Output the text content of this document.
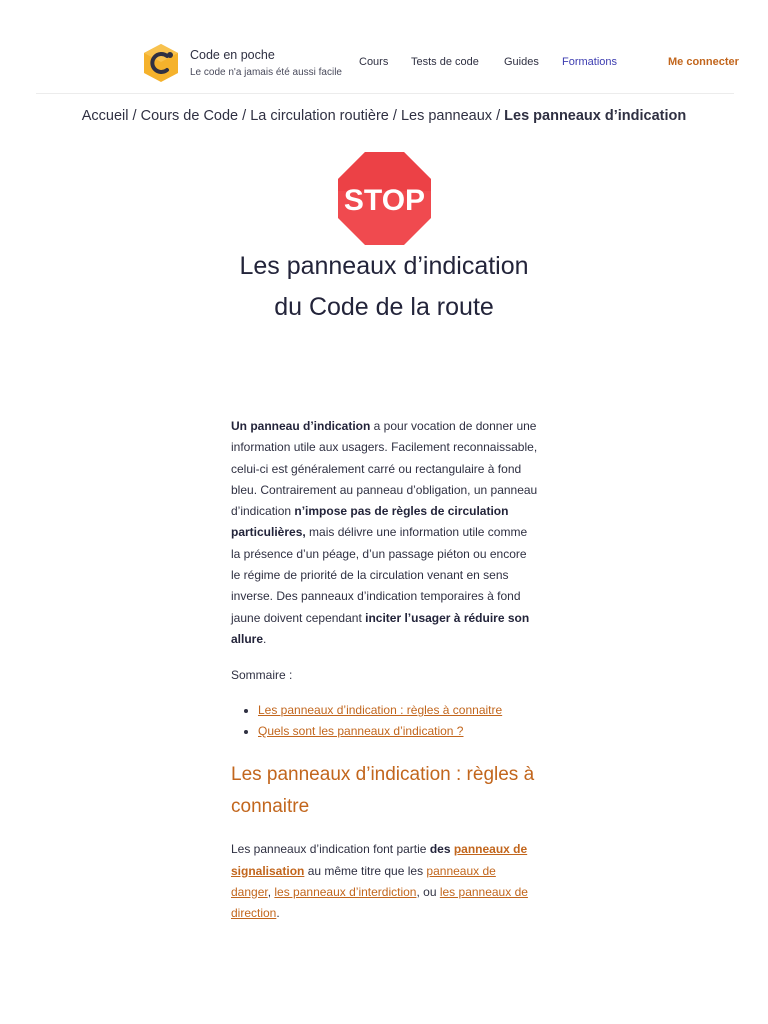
Code en poche
Le code n'a jamais été aussi facile
Cours Tests de code Guides Formations	Me connecter
Accueil / Cours de Code / La circulation routière / Les panneaux / Les panneaux d’indication
STOP
Les panneaux d’indication du Code de la route

Un panneau d’indication a pour vocation de donner une information utile aux usagers. Facilement reconnaissable, celui-ci est généralement carré ou rectangulaire à fond bleu. Contrairement au panneau d’obligation, un panneau d’indication n’impose pas de règles de circulation particulières, mais délivre une information utile comme la présence d’un péage, d’un passage piéton ou encore le régime de priorité de la circulation venant en sens inverse. Des panneaux d’indication temporaires à fond jaune doivent cependant inciter l’usager à réduire son allure.

Sommaire :

• Les panneaux d’indication : règles à connaitre
• Quels sont les panneaux d’indication ?
Les panneaux d’indication : règles à connaitre

Les panneaux d’indication font partie des panneaux de signalisation au même titre que les panneaux de danger, les panneaux d’interdiction, ou les panneaux de direction.
